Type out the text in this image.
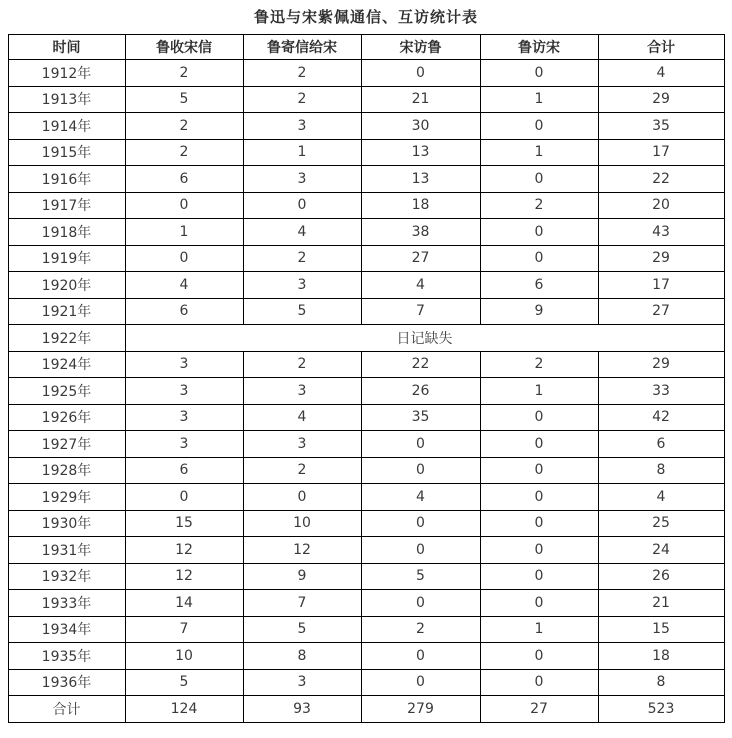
鲁迅与宋紫佩通信、互访统计表
时间	鲁收宋信	鲁寄信给宋	宋访鲁	鲁访宋	合计
1912年	2	2	0	0	4
1913年	5	2	21	1	29
1914年	2	3	30	0	35
1915年	2	1	13	1	17
1916年	6	3	13	0	22
1917年	0	0	18	2	20
1918年	1	4	38	0	43
1919年	0	2	27	0	29
1920年	4	3	4	6	17
1921年	6	5	7	9	27
1922年	日记缺失				
1924年	3	2	22	2	29
1925年	3	3	26	1	33
1926年	3	4	35	0	42
1927年	3	3	0	0	6
1928年	6	2	0	0	8
1929年	0	0	4	0	4
1930年	15	10	0	0	25
1931年	12	12	0	0	24
1932年	12	9	5	0	26
1933年	14	7	0	0	21
1934年	7	5	2	1	15
1935年	10	8	0	0	18
1936年	5	3	0	0	8
合计	124	93	279	27	523
